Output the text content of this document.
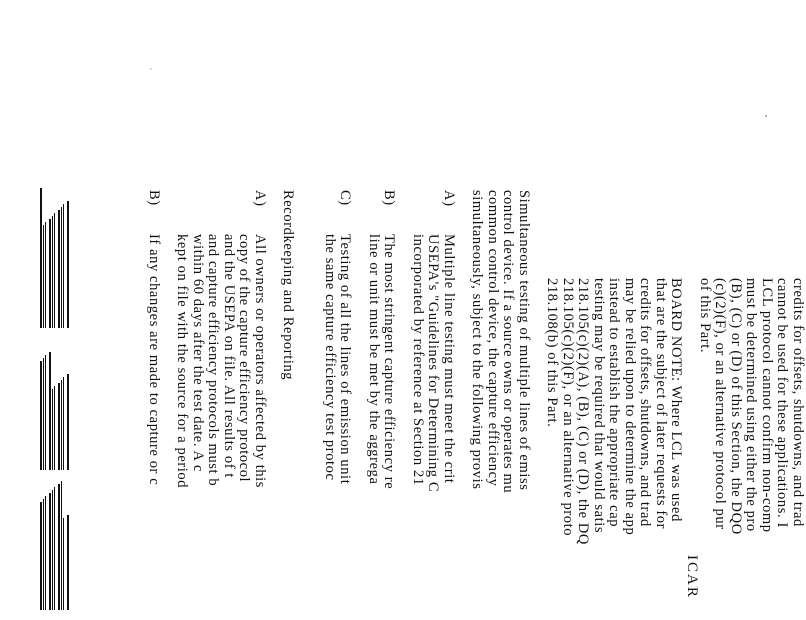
ICAR
credits for offsets, shutdowns, and trad
cannot be used for these applications. I
LCL protocol cannot confirm non-comp
must be determined using either the pro
(B), (C) or (D) of this Section, the DQO
(c)(2)(F), or an alternative protocol pur
of this Part.
BOARD NOTE: Where LCL was used
that are the subject of later requests for
credits for offsets, shutdowns, and trad
may be relied upon to determine the app
instead to establish the appropriate cap
testing may be required that would satis
218.105(c)(2)(A), (B), (C) or (D), the DQ
218.105(c)(2)(F), or an alternative proto
218.108(b) of this Part.
Simultaneous testing of multiple lines of emiss
control device. If a source owns or operates mu
common control device, the capture efficiency
simultaneously, subject to the following provis
A)
Multiple line testing must meet the crit
USEPA's "Guidelines for Determining C
incorporated by reference at Section 21
B)
The most stringent capture efficiency re
line or unit must be met by the aggrega
C)
Testing of all the lines of emission unit
the same capture efficiency test protoc
Recordkeeping and Reporting
A)
All owners or operators affected by this
copy of the capture efficiency protocol
and the USEPA on file. All results of t
and capture efficiency protocols must b
within 60 days after the test date. A c
kept on file with the source for a period
B)
If any changes are made to capture or c
